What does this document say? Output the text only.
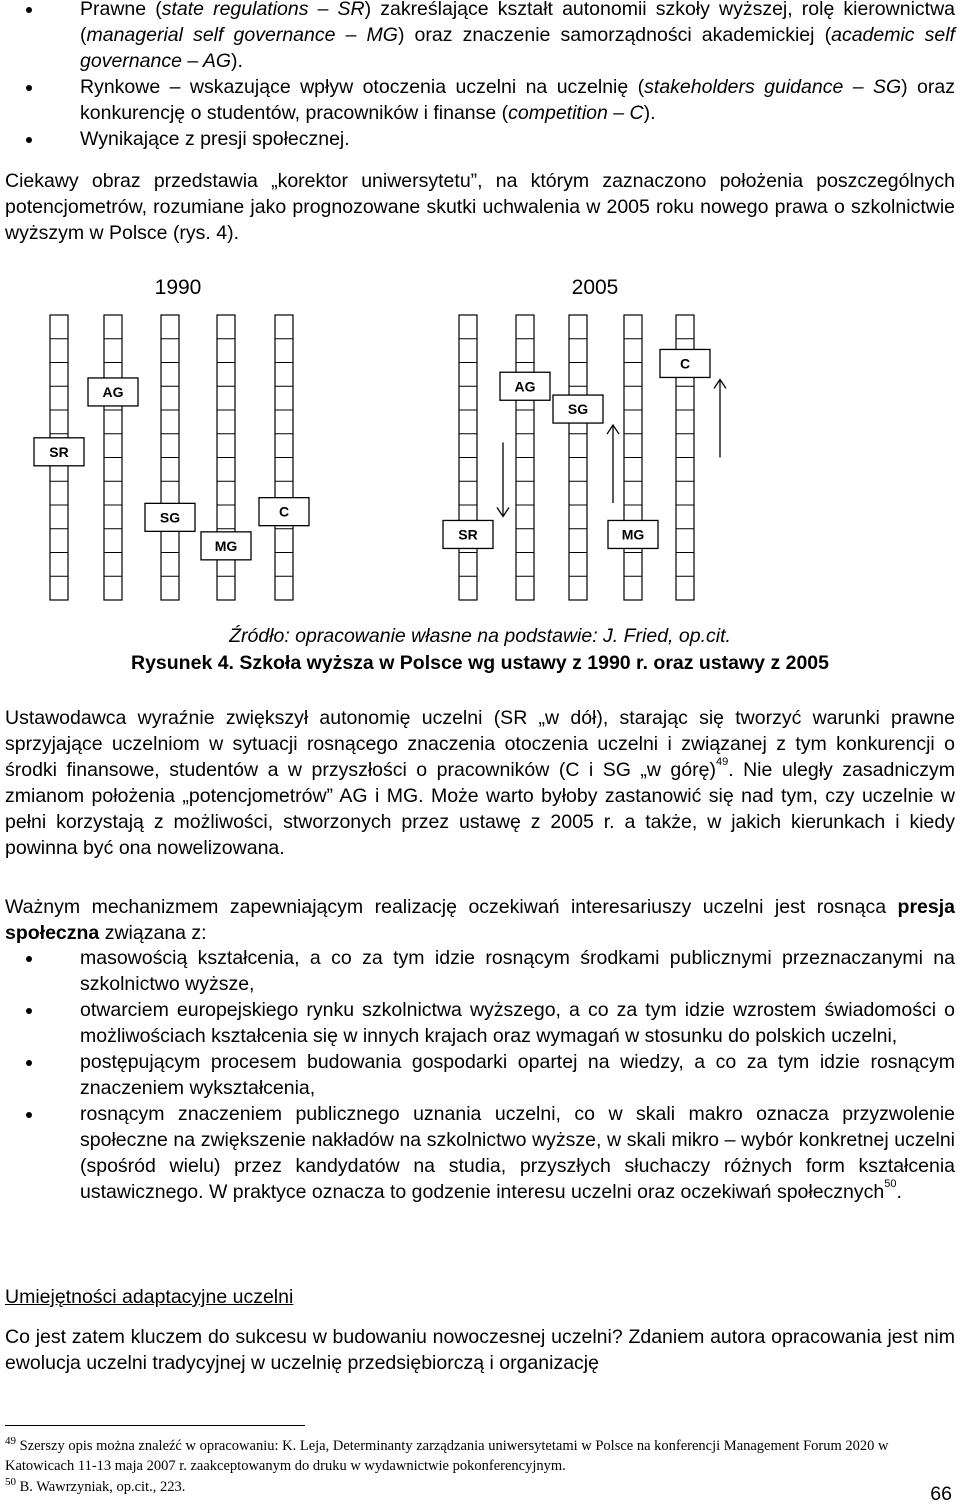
Prawne (state regulations – SR) zakreślające kształt autonomii szkoły wyższej, rolę kierownictwa (managerial self governance – MG) oraz znaczenie samorządności akademickiej (academic self governance – AG).
Rynkowe – wskazujące wpływ otoczenia uczelni na uczelnię (stakeholders guidance – SG) oraz konkurencję o studentów, pracowników i finanse (competition – C).
Wynikające z presji społecznej.

Ciekawy obraz przedstawia „korektor uniwersytetu”, na którym zaznaczono położenia poszczególnych potencjometrów, rozumiane jako prognozowane skutki uchwalenia w 2005 roku nowego prawa o szkolnictwie wyższym w Polsce (rys. 4).

1990	2005
SR
AG
SG
MG
C
SR
AG
SG
MG
C
Źródło: opracowanie własne na podstawie: J. Fried, op.cit.
Rysunek 4. Szkoła wyższa w Polsce wg ustawy z 1990 r. oraz ustawy z 2005

Ustawodawca wyraźnie zwiększył autonomię uczelni (SR „w dół), starając się tworzyć warunki prawne sprzyjające uczelniom w sytuacji rosnącego znaczenia otoczenia uczelni i związanej z tym konkurencji o środki finansowe, studentów a w przyszłości o pracowników (C i SG „w górę)$^{49}$. Nie uległy zasadniczym zmianom położenia „potencjometrów” AG i MG. Może warto byłoby zastanowić się nad tym, czy uczelnie w pełni korzystają z możliwości, stworzonych przez ustawę z 2005 r. a także, w jakich kierunkach i kiedy powinna być ona nowelizowana.

Ważnym mechanizmem zapewniającym realizację oczekiwań interesariuszy uczelni jest rosnąca presja społeczna związana z:

masowością kształcenia, a co za tym idzie rosnącym środkami publicznymi przeznaczanymi na szkolnictwo wyższe,
otwarciem europejskiego rynku szkolnictwa wyższego, a co za tym idzie wzrostem świadomości o możliwościach kształcenia się w innych krajach oraz wymagań w stosunku do polskich uczelni,
postępującym procesem budowania gospodarki opartej na wiedzy, a co za tym idzie rosnącym znaczeniem wykształcenia,
rosnącym znaczeniem publicznego uznania uczelni, co w skali makro oznacza przyzwolenie społeczne na zwiększenie nakładów na szkolnictwo wyższe, w skali mikro – wybór konkretnej uczelni (spośród wielu) przez kandydatów na studia, przyszłych słuchaczy różnych form kształcenia ustawicznego. W praktyce oznacza to godzenie interesu uczelni oraz oczekiwań społecznych$^{50}$.
Umiejętności adaptacyjne uczelni

Co jest zatem kluczem do sukcesu w budowaniu nowoczesnej uczelni? Zdaniem autora opracowania jest nim ewolucja uczelni tradycyjnej w uczelnię przedsiębiorczą i organizację

$^{49}$ Szerszy opis można znaleźć w opracowaniu: K. Leja, Determinanty zarządzania uniwersytetami w Polsce na konferencji Management Forum 2020 w Katowicach 11-13 maja 2007 r. zaakceptowanym do druku w wydawnictwie pokonferencyjnym.
$^{50}$ B. Wawrzyniak, op.cit., 223.	66
